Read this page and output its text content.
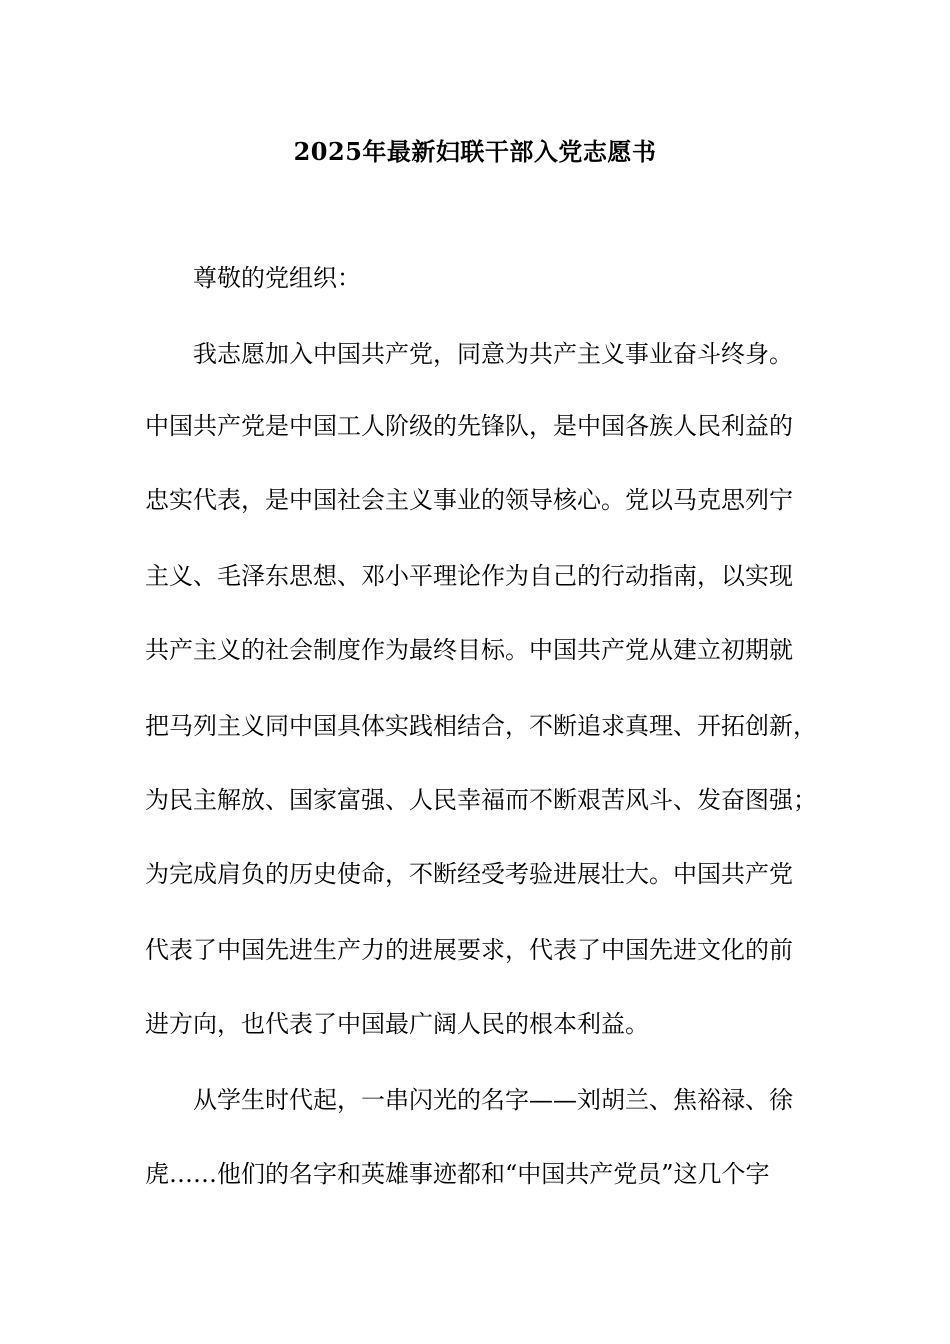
2025年最新妇联干部入党志愿书
尊敬的党组织：
我志愿加入中国共产党，同意为共产主义事业奋斗终身。
中国共产党是中国工人阶级的先锋队，是中国各族人民利益的
忠实代表，是中国社会主义事业的领导核心。党以马克思列宁
主义、毛泽东思想、邓小平理论作为自己的行动指南，以实现
共产主义的社会制度作为最终目标。中国共产党从建立初期就
把马列主义同中国具体实践相结合，不断追求真理、开拓创新，
为民主解放、国家富强、人民幸福而不断艰苦风斗、发奋图强；
为完成肩负的历史使命，不断经受考验进展壮大。中国共产党
代表了中国先进生产力的进展要求，代表了中国先进文化的前
进方向，也代表了中国最广阔人民的根本利益。
从学生时代起，一串闪光的名字——刘胡兰、焦裕禄、徐
虎……他们的名字和英雄事迹都和“中国共产党员”这几个字
